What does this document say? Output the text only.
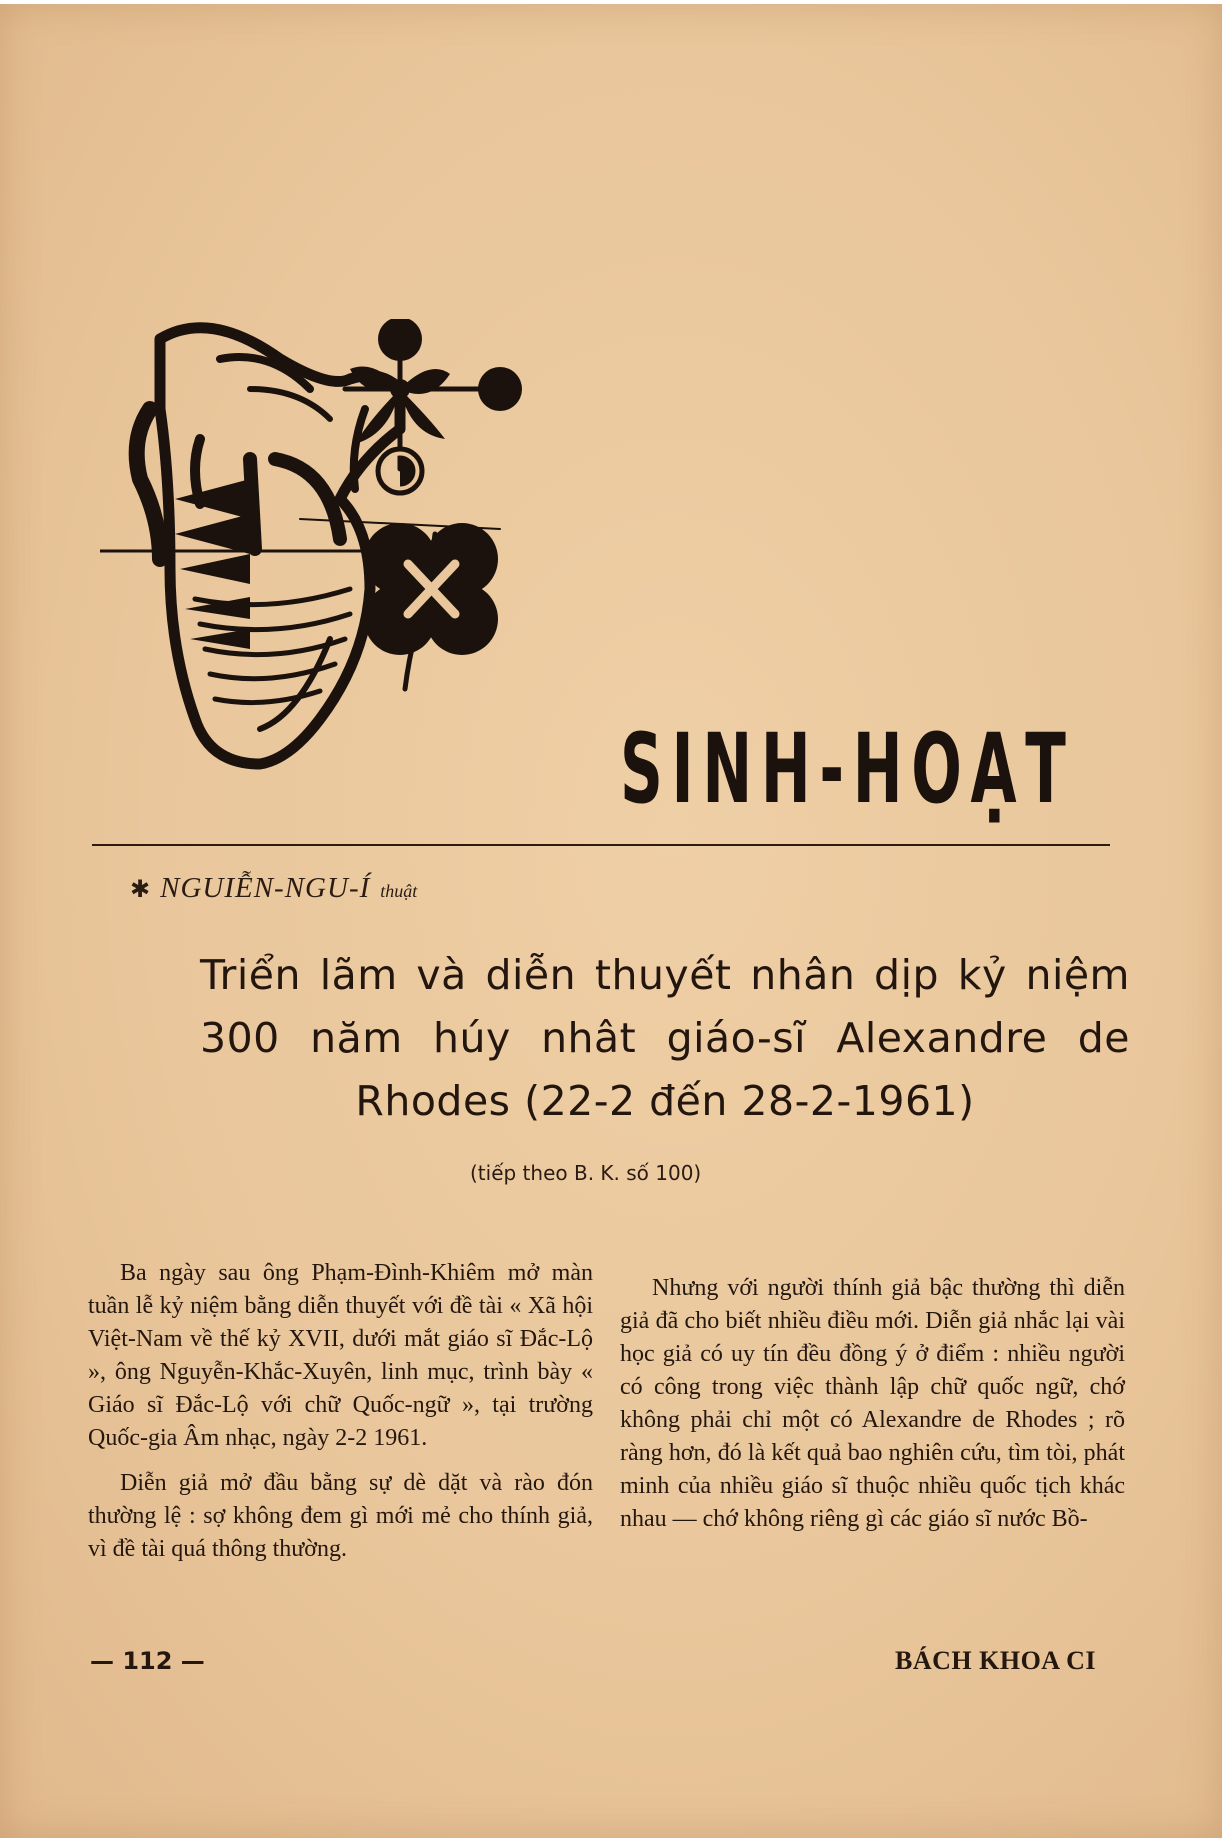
SINH-HOẠT
✱ NGUIỄN-NGU-Í thuật
Triển lãm và diễn thuyết nhân dịp kỷ niệm 300 năm húy nhât giáo-sĩ Alexandre de Rhodes (22-2 đến 28-2-1961)
(tiếp theo B. K. số 100)

Ba ngày sau ông Phạm-Đình-Khiêm mở màn tuần lễ kỷ niệm bằng diễn thuyết với đề tài « Xã hội Việt-Nam về thế kỷ XVII, dưới mắt giáo sĩ Đắc-Lộ », ông Nguyễn-Khắc-Xuyên, linh mục, trình bày « Giáo sĩ Đắc-Lộ với chữ Quốc-ngữ », tại trường Quốc-gia Âm nhạc, ngày 2-2 1961.

Diễn giả mở đầu bằng sự dè dặt và rào đón thường lệ : sợ không đem gì mới mẻ cho thính giả, vì đề tài quá thông thường.

Nhưng với người thính giả bậc thường thì diễn giả đã cho biết nhiều điều mới. Diễn giả nhắc lại vài học giả có uy tín đều đồng ý ở điểm : nhiều người có công trong việc thành lập chữ quốc ngữ, chớ không phải chỉ một có Alexandre de Rhodes ; rõ ràng hơn, đó là kết quả bao nghiên cứu, tìm tòi, phát minh của nhiều giáo sĩ thuộc nhiều quốc tịch khác nhau — chớ không riêng gì các giáo sĩ nước Bồ-

— 112 —	BÁCH KHOA CI
